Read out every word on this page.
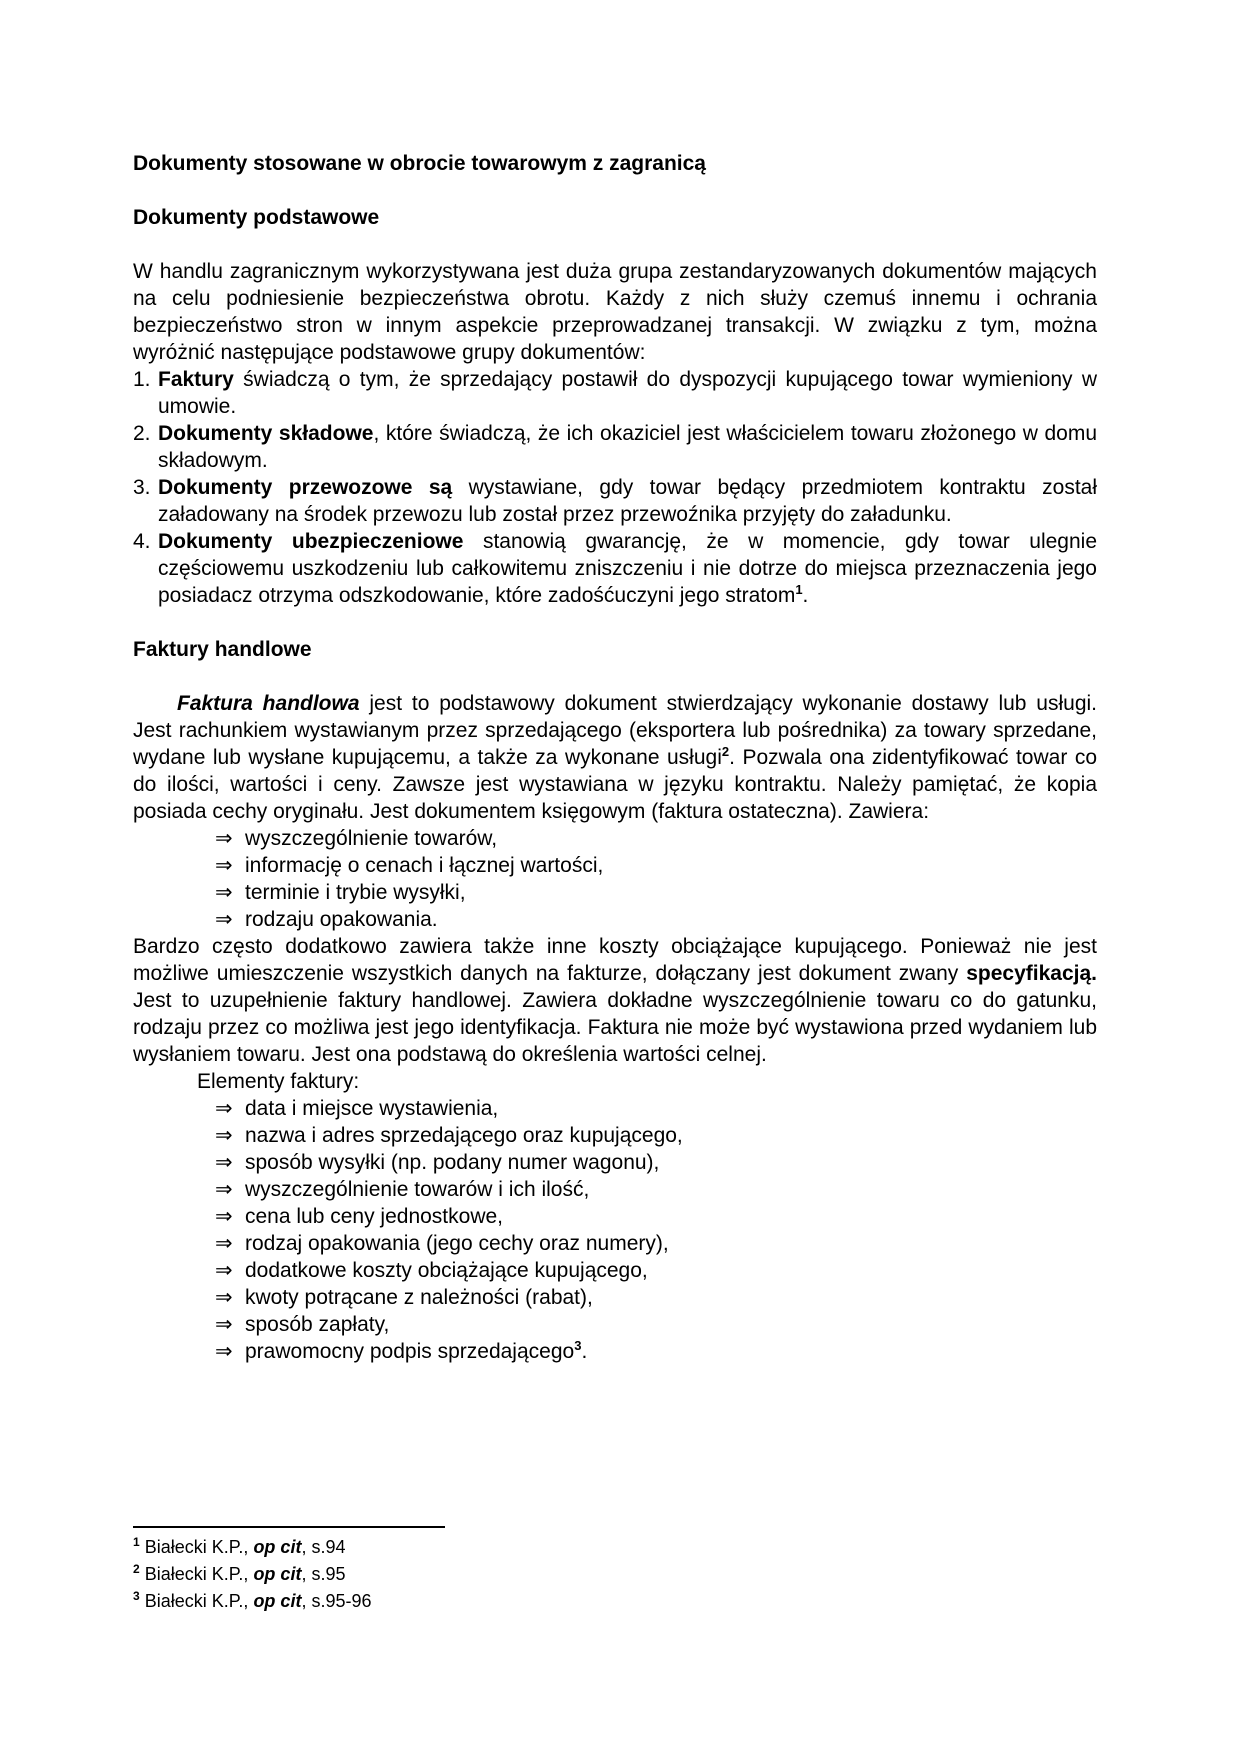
Dokumenty stosowane w obrocie towarowym z zagranicą
Dokumenty podstawowe

W handlu zagranicznym wykorzystywana jest duża grupa zestandaryzowanych dokumentów mających na celu podniesienie bezpieczeństwa obrotu. Każdy z nich służy czemuś innemu i ochrania bezpieczeństwo stron w innym aspekcie przeprowadzanej transakcji. W związku z tym, można wyróżnić następujące podstawowe grupy dokumentów:

1. Faktury świadczą o tym, że sprzedający postawił do dyspozycji kupującego towar wymieniony w umowie.
2. Dokumenty składowe, które świadczą, że ich okaziciel jest właścicielem towaru złożonego w domu składowym.
3. Dokumenty przewozowe są wystawiane, gdy towar będący przedmiotem kontraktu został załadowany na środek przewozu lub został przez przewoźnika przyjęty do załadunku.
4. Dokumenty ubezpieczeniowe stanowią gwarancję, że w momencie, gdy towar ulegnie częściowemu uszkodzeniu lub całkowitemu zniszczeniu i nie dotrze do miejsca przeznaczenia jego posiadacz otrzyma odszkodowanie, które zadośćuczyni jego stratom$^1$.
Faktury handlowe

Faktura handlowa jest to podstawowy dokument stwierdzający wykonanie dostawy lub usługi. Jest rachunkiem wystawianym przez sprzedającego (eksportera lub pośrednika) za towary sprzedane, wydane lub wysłane kupującemu, a także za wykonane usługi$^2$. Pozwala ona zidentyfikować towar co do ilości, wartości i ceny. Zawsze jest wystawiana w języku kontraktu. Należy pamiętać, że kopia posiada cechy oryginału. Jest dokumentem księgowym (faktura ostateczna). Zawiera:

⇒ wyszczególnienie towarów,
⇒ informację o cenach i łącznej wartości,
⇒ terminie i trybie wysyłki,
⇒ rodzaju opakowania.

Bardzo często dodatkowo zawiera także inne koszty obciążające kupującego. Ponieważ nie jest możliwe umieszczenie wszystkich danych na fakturze, dołączany jest dokument zwany specyfikacją. Jest to uzupełnienie faktury handlowej. Zawiera dokładne wyszczególnienie towaru co do gatunku, rodzaju przez co możliwa jest jego identyfikacja. Faktura nie może być wystawiona przed wydaniem lub wysłaniem towaru. Jest ona podstawą do określenia wartości celnej.

Elementy faktury:

⇒ data i miejsce wystawienia,
⇒ nazwa i adres sprzedającego oraz kupującego,
⇒ sposób wysyłki (np. podany numer wagonu),
⇒ wyszczególnienie towarów i ich ilość,
⇒ cena lub ceny jednostkowe,
⇒ rodzaj opakowania (jego cechy oraz numery),
⇒ dodatkowe koszty obciążające kupującego,
⇒ kwoty potrącane z należności (rabat),
⇒ sposób zapłaty,
⇒ prawomocny podpis sprzedającego$^3$.
$^1$ Białecki K.P., op cit, s.94
$^2$ Białecki K.P., op cit, s.95
$^3$ Białecki K.P., op cit, s.95-96
